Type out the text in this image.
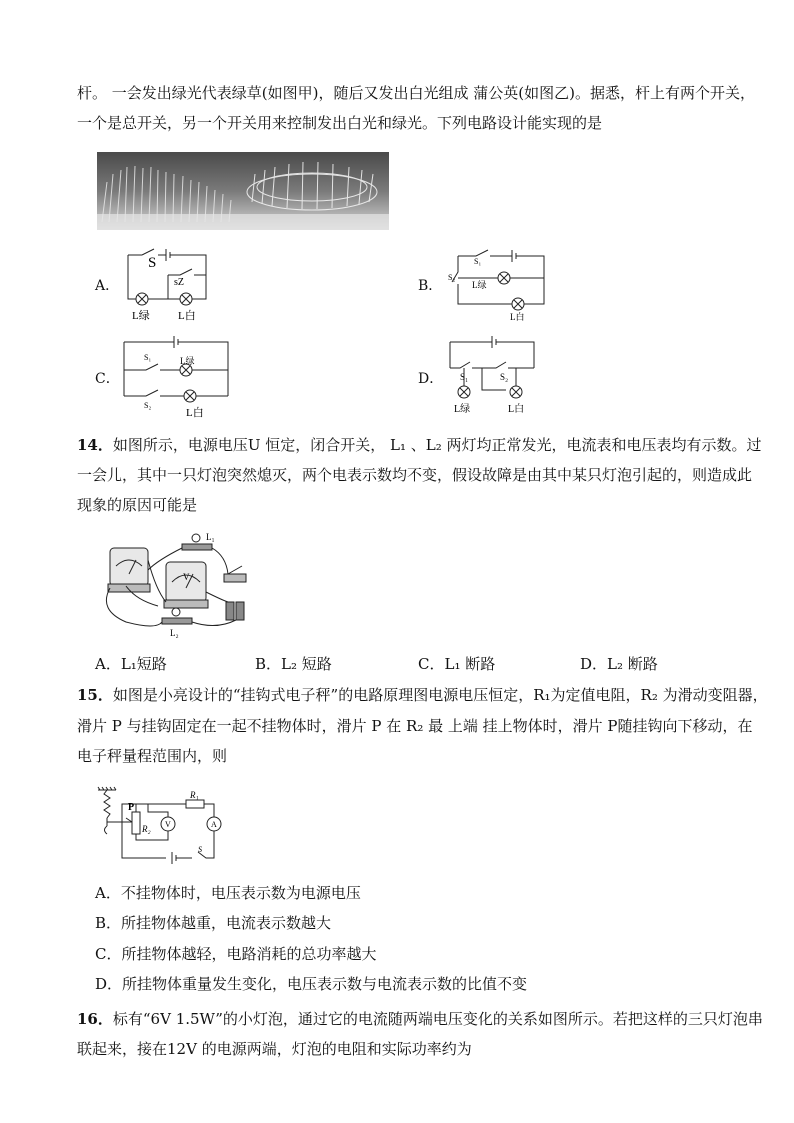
杆。 一会发出绿光代表绿草(如图甲)，随后又发出白光组成 蒲公英(如图乙)。据悉，杆上有两个开关，
一个是总开关，另一个开关用来控制发出白光和绿光。下列电路设计能实现的是
A．
S
sZ
L绿	L白
B．
S₁
S₂
L绿
L白
C．
S₁
S₂
L绿
L白
D． S₁	S₂
L绿	L白
14．如图所示，电源电压U 恒定，闭合开关， L₁ 、L₂ 两灯均正常发光，电流表和电压表均有示数。过
一会儿，其中一只灯泡突然熄灭，两个电表示数均不变，假设故障是由其中某只灯泡引起的，则造成此
现象的原因可能是
L₁
L₂
V
A．L₁短路	B．L₂ 短路	C．L₁ 断路	D．L₂ 断路
15．如图是小亮设计的“挂钩式电子秤”的电路原理图电源电压恒定，R₁为定值电阻，R₂ 为滑动变阻器，
滑片 P 与挂钩固定在一起不挂物体时，滑片 P 在 R₂ 最 上端 挂上物体时，滑片 P随挂钩向下移动，在
电子秤量程范围内，则
P
R₂
R₁
V	A
S
A．不挂物体时，电压表示数为电源电压
B．所挂物体越重，电流表示数越大
C．所挂物体越轻，电路消耗的总功率越大
D．所挂物体重量发生变化，电压表示数与电流表示数的比值不变
16．标有“6V 1.5W”的小灯泡，通过它的电流随两端电压变化的关系如图所示。若把这样的三只灯泡串
联起来，接在12V 的电源两端，灯泡的电阻和实际功率约为
